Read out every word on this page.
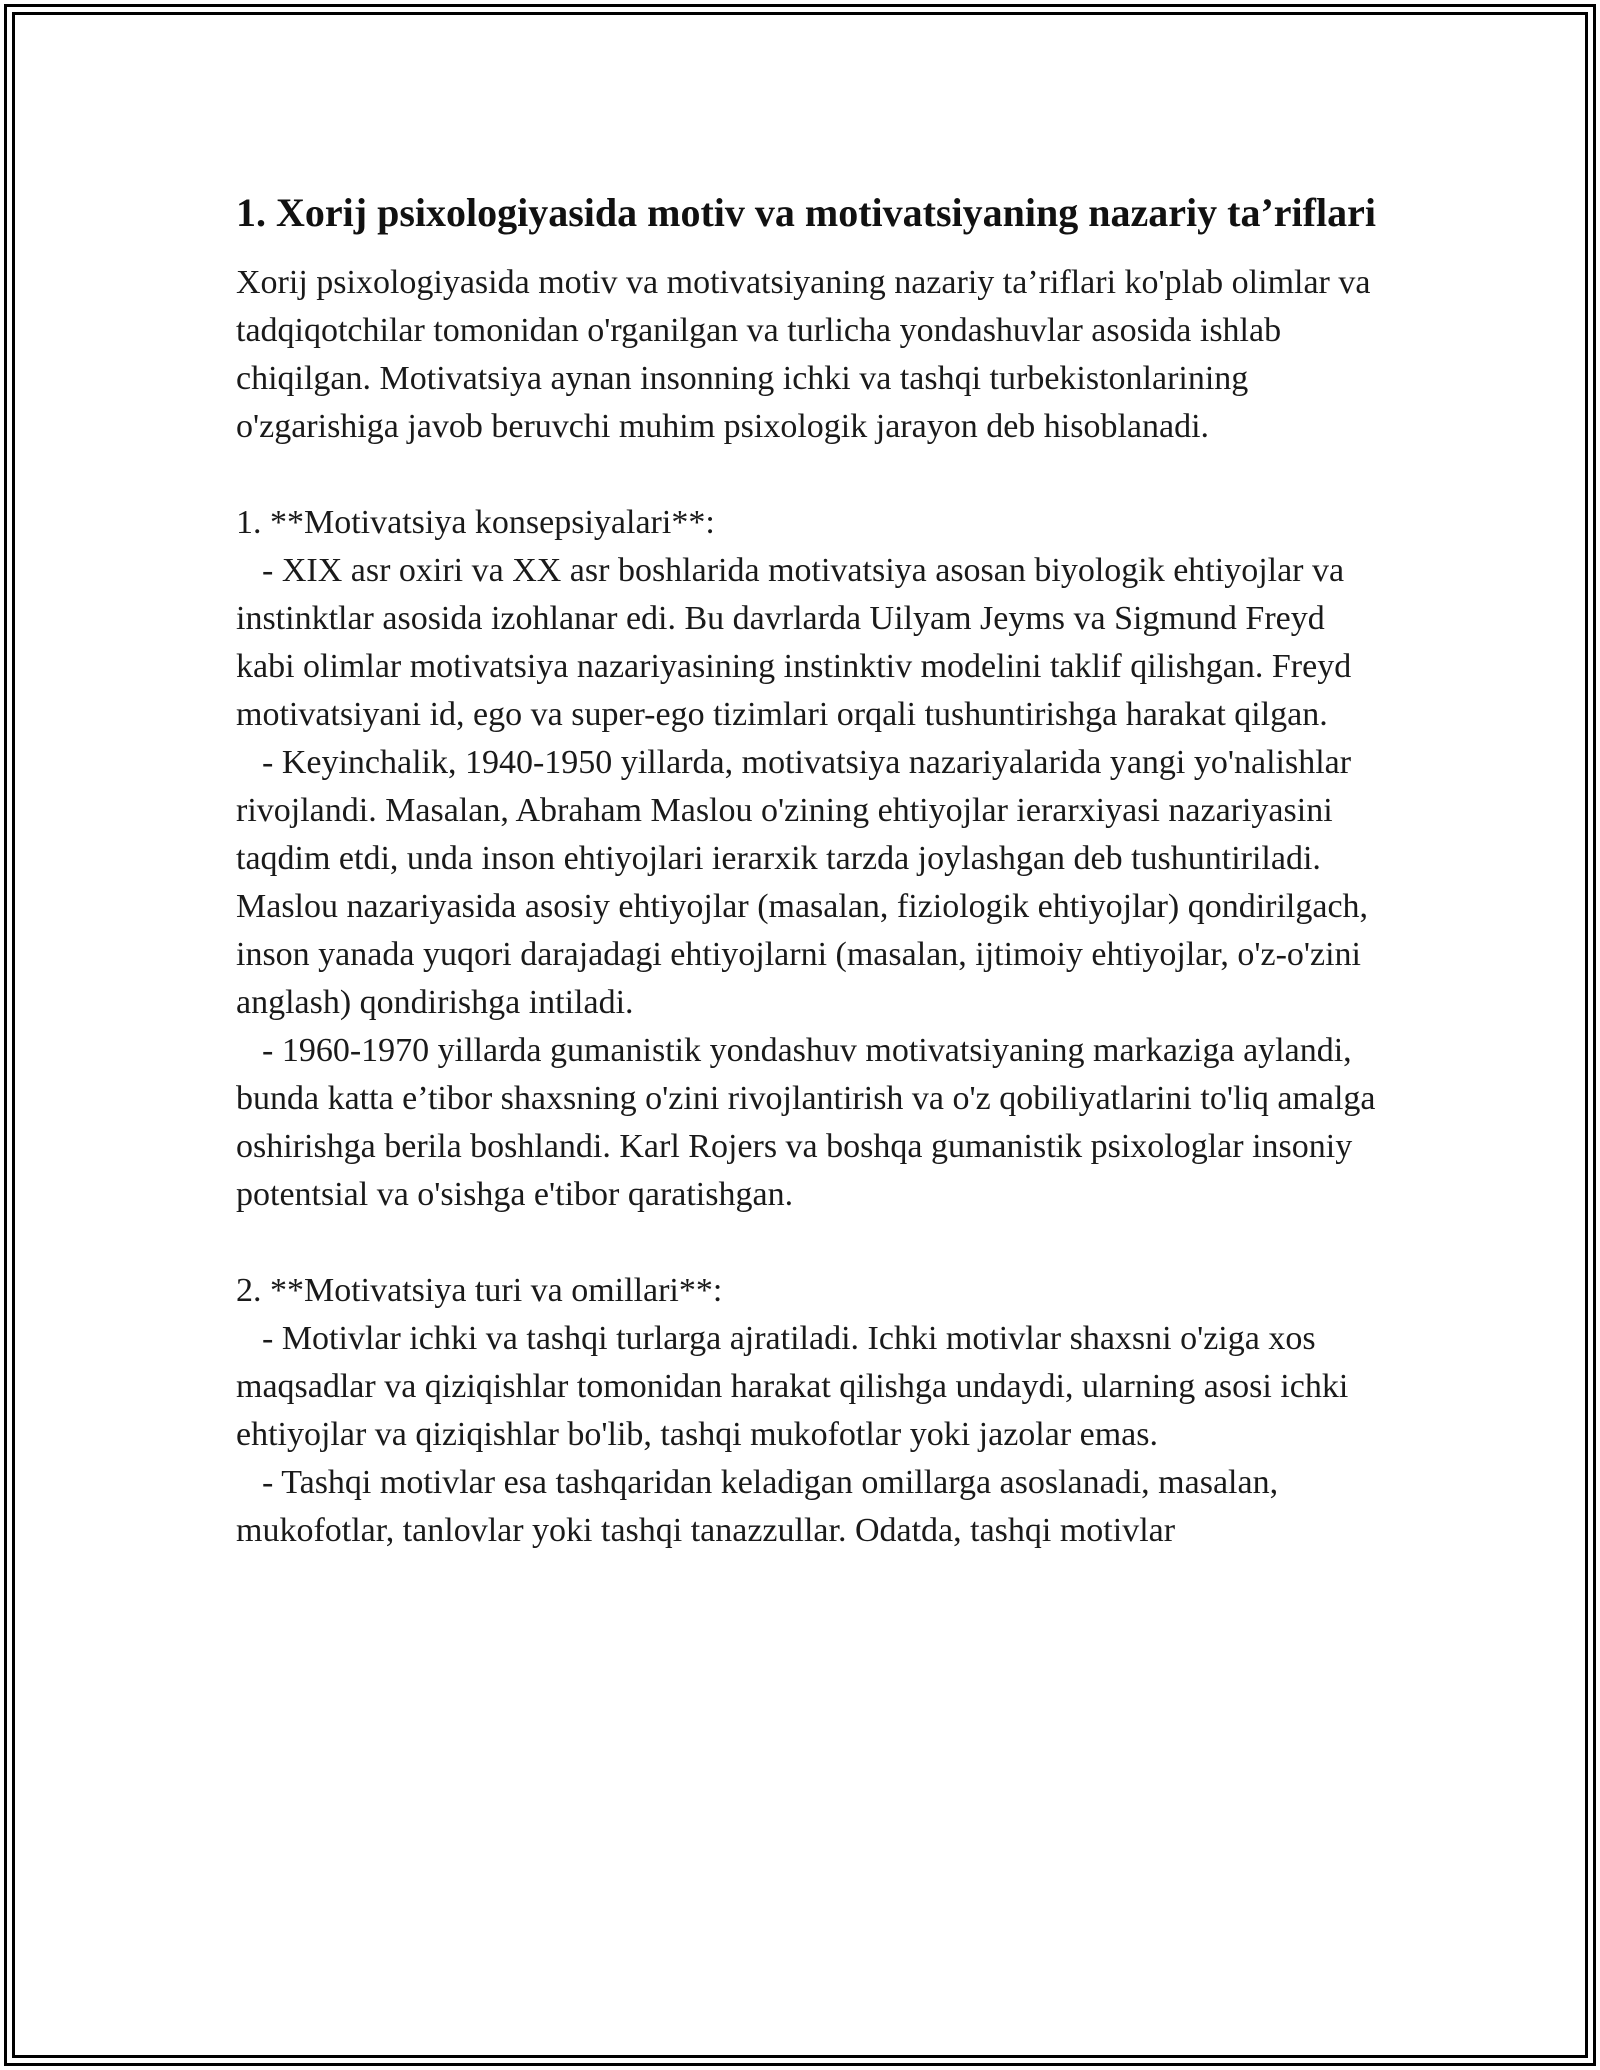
1. Xorij psixologiyasida motiv va motivatsiyaning nazariy ta’riflari

Xorij psixologiyasida motiv va motivatsiyaning nazariy ta’riflari ko'plab olimlar va tadqiqotchilar tomonidan o'rganilgan va turlicha yondashuvlar asosida ishlab chiqilgan. Motivatsiya aynan insonning ichki va tashqi turbekistonlarining o'zgarishiga javob beruvchi muhim psixologik jarayon deb hisoblanadi.

1. **Motivatsiya konsepsiyalari**:

- XIX asr oxiri va XX asr boshlarida motivatsiya asosan biyologik ehtiyojlar va instinktlar asosida izohlanar edi. Bu davrlarda Uilyam Jeyms va Sigmund Freyd kabi olimlar motivatsiya nazariyasining instinktiv modelini taklif qilishgan. Freyd motivatsiyani id, ego va super-ego tizimlari orqali tushuntirishga harakat qilgan.

- Keyinchalik, 1940-1950 yillarda, motivatsiya nazariyalarida yangi yo'nalishlar rivojlandi. Masalan, Abraham Maslou o'zining ehtiyojlar ierarxiyasi nazariyasini taqdim etdi, unda inson ehtiyojlari ierarxik tarzda joylashgan deb tushuntiriladi. Maslou nazariyasida asosiy ehtiyojlar (masalan, fiziologik ehtiyojlar) qondirilgach, inson yanada yuqori darajadagi ehtiyojlarni (masalan, ijtimoiy ehtiyojlar, o'z-o'zini anglash) qondirishga intiladi.

- 1960-1970 yillarda gumanistik yondashuv motivatsiyaning markaziga aylandi, bunda katta e’tibor shaxsning o'zini rivojlantirish va o'z qobiliyatlarini to'liq amalga oshirishga berila boshlandi. Karl Rojers va boshqa gumanistik psixologlar insoniy potentsial va o'sishga e'tibor qaratishgan.

2. **Motivatsiya turi va omillari**:

- Motivlar ichki va tashqi turlarga ajratiladi. Ichki motivlar shaxsni o'ziga xos maqsadlar va qiziqishlar tomonidan harakat qilishga undaydi, ularning asosi ichki ehtiyojlar va qiziqishlar bo'lib, tashqi mukofotlar yoki jazolar emas.

- Tashqi motivlar esa tashqaridan keladigan omillarga asoslanadi, masalan, mukofotlar, tanlovlar yoki tashqi tanazzullar. Odatda, tashqi motivlar
